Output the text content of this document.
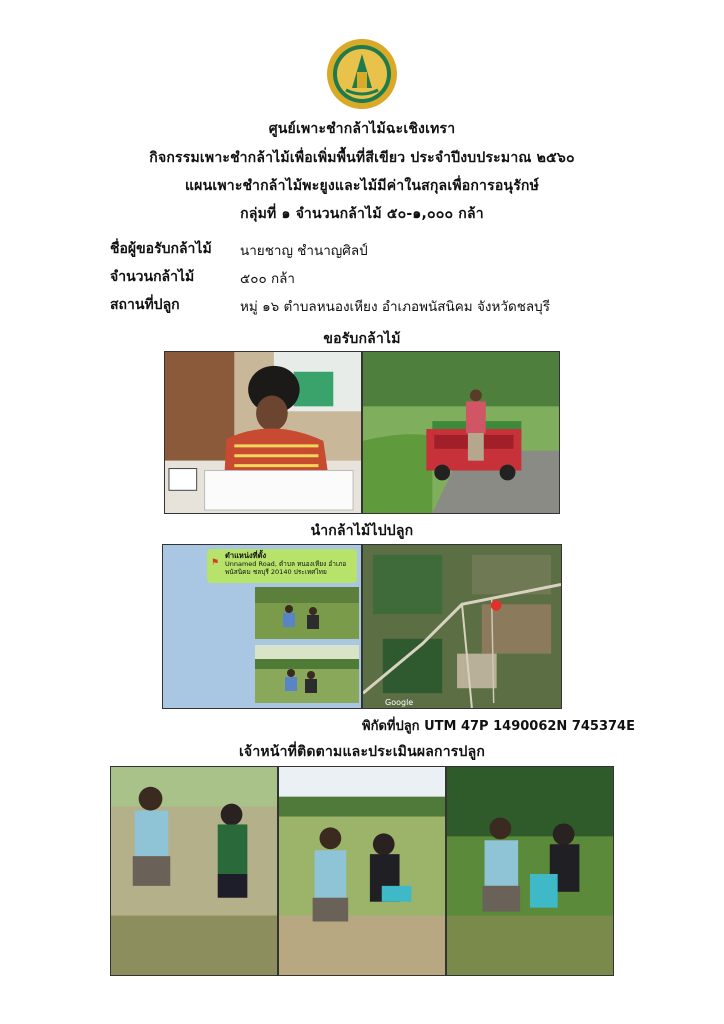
ศูนย์เพาะชำกล้าไม้ฉะเชิงเทรา
กิจกรรมเพาะชำกล้าไม้เพื่อเพิ่มพื้นที่สีเขียว ประจำปีงบประมาณ ๒๕๖๐
แผนเพาะชำกล้าไม้พะยูงและไม้มีค่าในสกุลเพื่อการอนุรักษ์
กลุ่มที่ ๑ จำนวนกล้าไม้ ๕๐-๑,๐๐๐ กล้า
ชื่อผู้ขอรับกล้าไม้ นายชาญ ชำนาญศิลป์
จำนวนกล้าไม้	๕๐๐ กล้า
สถานที่ปลูก	หมู่ ๑๖ ตำบลหนองเหียง อำเภอพนัสนิคม จังหวัดชลบุรี
ขอรับกล้าไม้
นำกล้าไม้ไปปลูก
⚑
ตำแหน่งที่ตั้ง
Unnamed Road, ตำบล หนองเหียง อำเภอ พนัสนิคม ชลบุรี 20140 ประเทศไทย
●
Google
พิกัดที่ปลูก UTM 47P 1490062N 745374E
เจ้าหน้าที่ติดตามและประเมินผลการปลูก
